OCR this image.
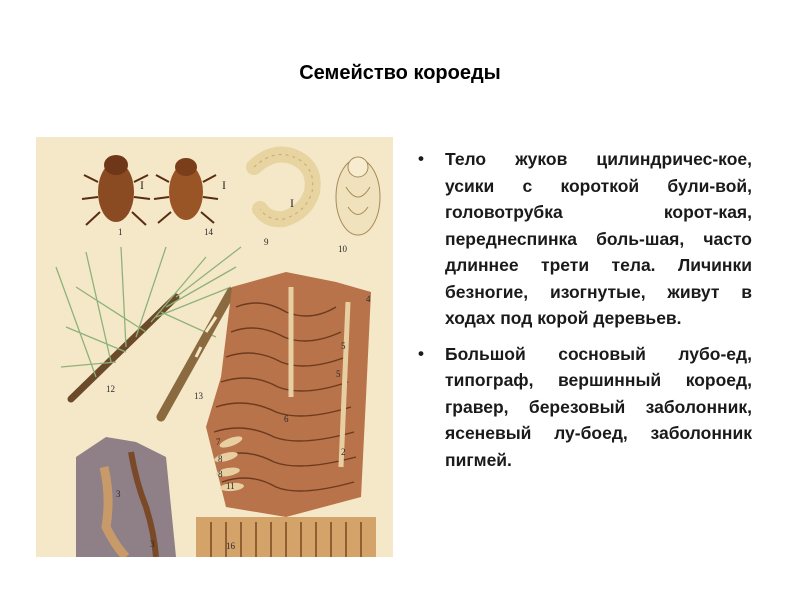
Семейство короеды
1
I
14
I
9
I
10
12
13
4
5
5
6
7
8
8
2
11
3
3	16
• Тело жуков цилиндричес-кое, усики с короткой були-вой, головотрубка корот-кая, переднеспинка боль-шая, часто длиннее трети тела. Личинки безногие, изогнутые, живут в ходах под корой деревьев.
• Большой сосновый лубо-ед, типограф, вершинный короед, гравер, березовый заболонник, ясеневый лу-боед, заболонник пигмей.
